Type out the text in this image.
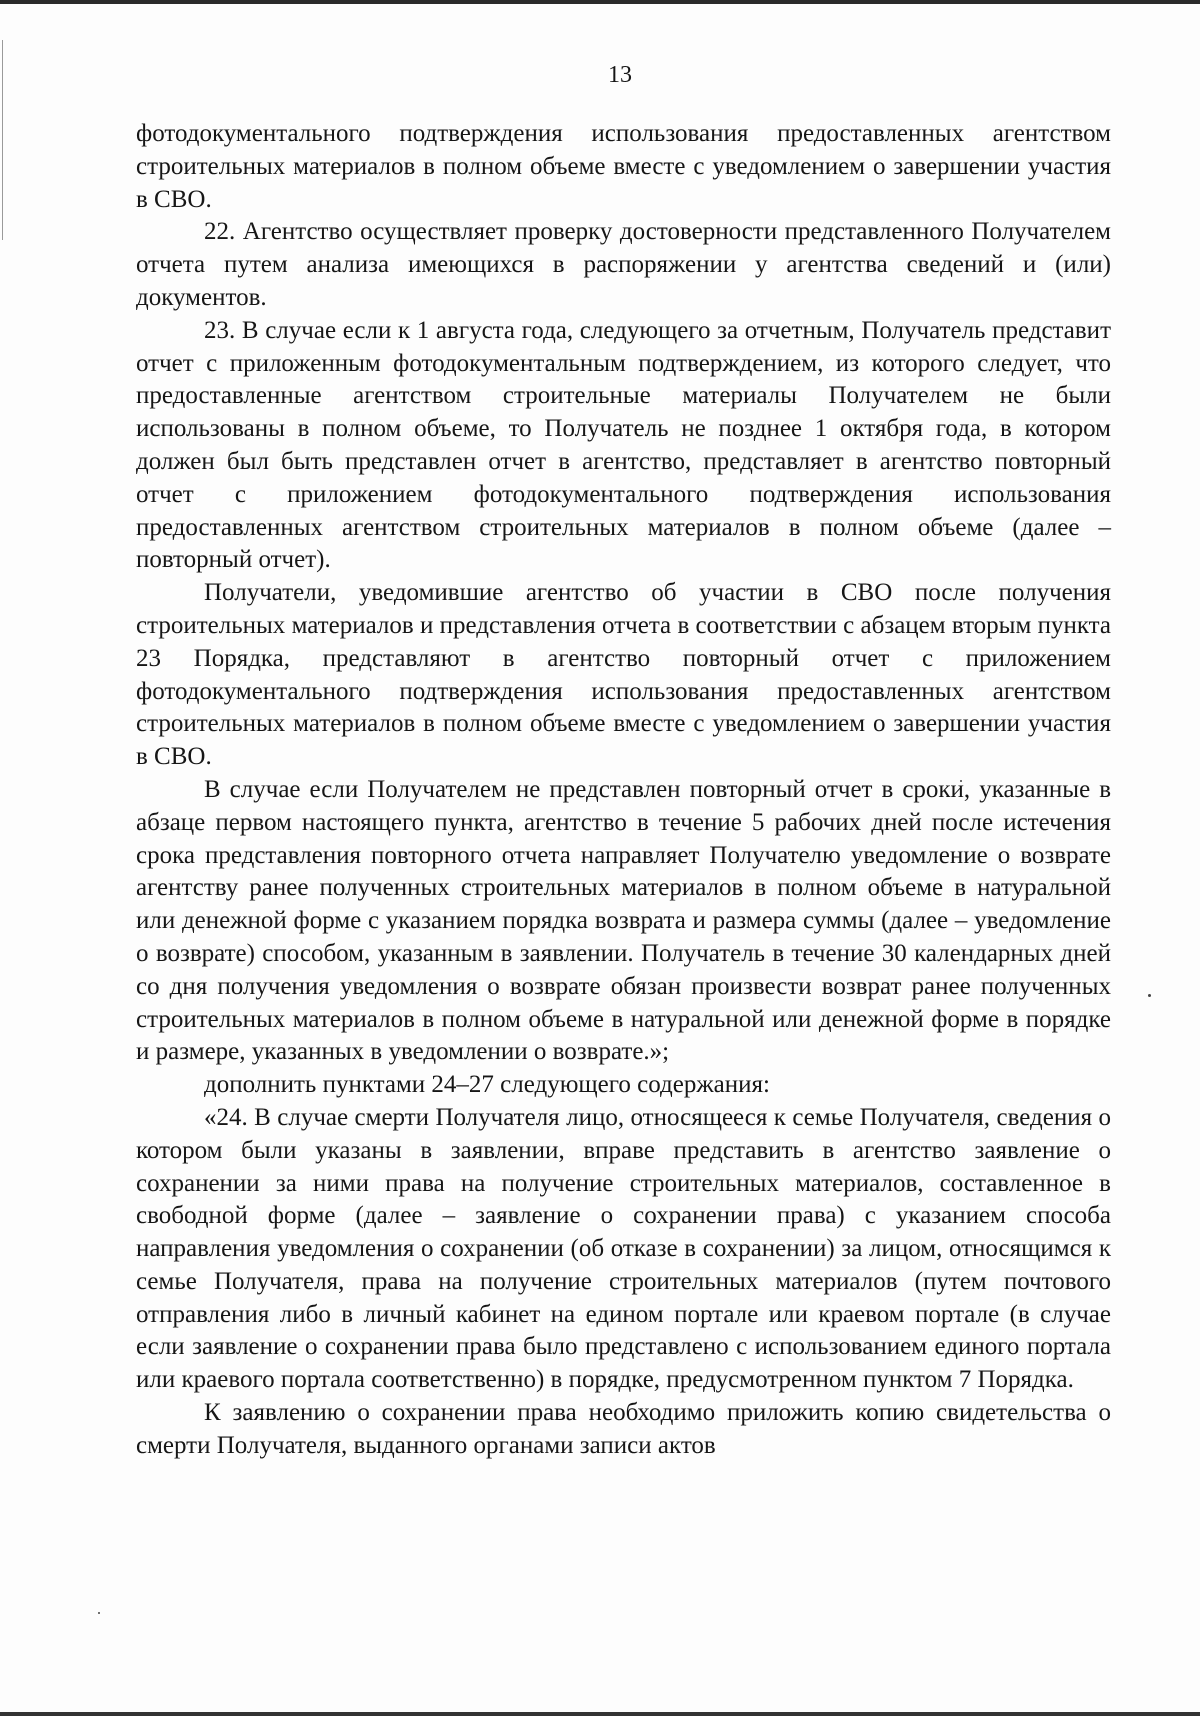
13

фотодокументального подтверждения использования предоставленных агентством строительных материалов в полном объеме вместе с уведомлением о завершении участия в СВО.

22. Агентство осуществляет проверку достоверности представленного Получателем отчета путем анализа имеющихся в распоряжении у агентства сведений и (или) документов.

23. В случае если к 1 августа года, следующего за отчетным, Получатель представит отчет с приложенным фотодокументальным подтверждением, из которого следует, что предоставленные агентством строительные материалы Получателем не были использованы в полном объеме, то Получатель не позднее 1 октября года, в котором должен был быть представлен отчет в агентство, представляет в агентство повторный отчет с приложением фотодокументального подтверждения использования предоставленных агентством строительных материалов в полном объеме (далее – повторный отчет).

Получатели, уведомившие агентство об участии в СВО после получения строительных материалов и представления отчета в соответствии с абзацем вторым пункта 23 Порядка, представляют в агентство повторный отчет с приложением фотодокументального подтверждения использования предоставленных агентством строительных материалов в полном объеме вместе с уведомлением о завершении участия в СВО.

В случае если Получателем не представлен повторный отчет в сроки, указанные в абзаце первом настоящего пункта, агентство в течение 5 рабочих дней после истечения срока представления повторного отчета направляет Получателю уведомление о возврате агентству ранее полученных строительных материалов в полном объеме в натуральной или денежной форме с указанием порядка возврата и размера суммы (далее – уведомление о возврате) способом, указанным в заявлении. Получатель в течение 30 календарных дней со дня получения уведомления о возврате обязан произвести возврат ранее полученных строительных материалов в полном объеме в натуральной или денежной форме в порядке и размере, указанных в уведомлении о возврате.»;

дополнить пунктами 24–27 следующего содержания:

«24. В случае смерти Получателя лицо, относящееся к семье Получателя, сведения о котором были указаны в заявлении, вправе представить в агентство заявление о сохранении за ними права на получение строительных материалов, составленное в свободной форме (далее – заявление о сохранении права) с указанием способа направления уведомления о сохранении (об отказе в сохранении) за лицом, относящимся к семье Получателя, права на получение строительных материалов (путем почтового отправления либо в личный кабинет на едином портале или краевом портале (в случае если заявление о сохранении права было представлено с использованием единого портала или краевого портала соответственно) в порядке, предусмотренном пунктом 7 Порядка.

К заявлению о сохранении права необходимо приложить копию свидетельства о смерти Получателя, выданного органами записи актов
